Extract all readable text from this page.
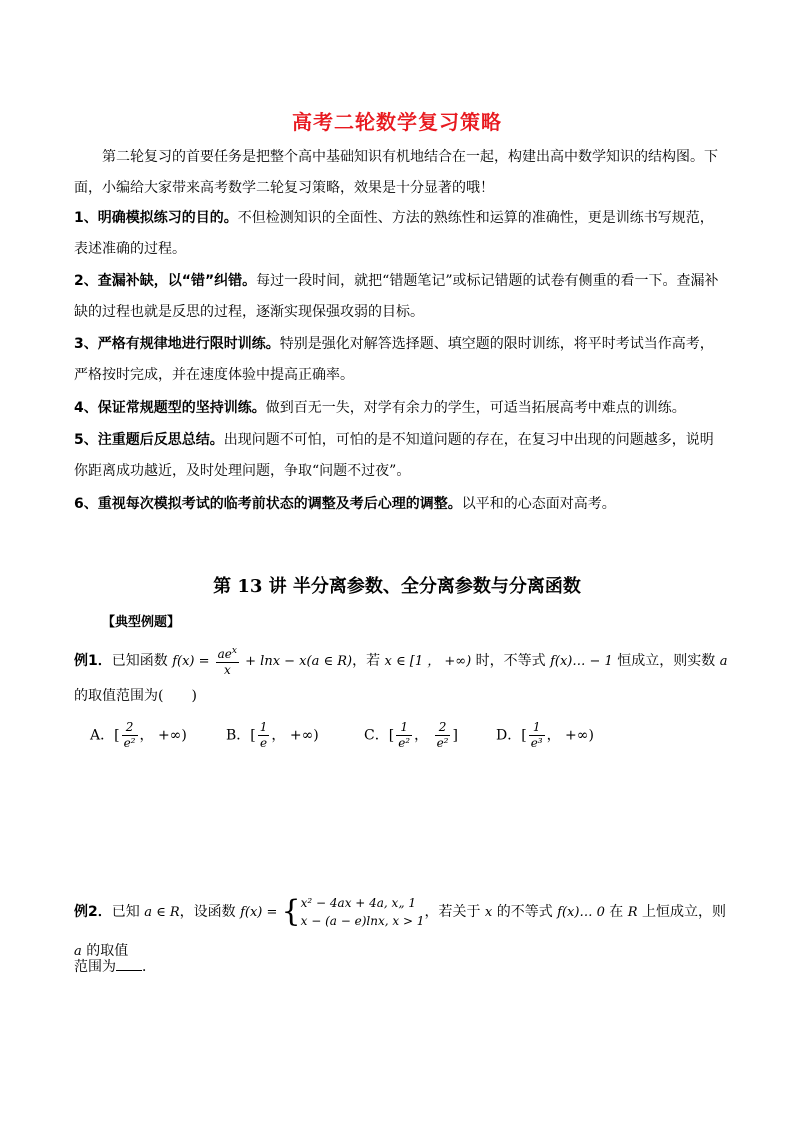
高考二轮数学复习策略
第二轮复习的首要任务是把整个高中基础知识有机地结合在一起，构建出高中数学知识的结构图。下面，小编给大家带来高考数学二轮复习策略，效果是十分显著的哦！
1、明确模拟练习的目的。不但检测知识的全面性、方法的熟练性和运算的准确性，更是训练书写规范，表述准确的过程。
2、查漏补缺，以“错”纠错。每过一段时间，就把“错题笔记”或标记错题的试卷有侧重的看一下。查漏补缺的过程也就是反思的过程，逐渐实现保强攻弱的目标。
3、严格有规律地进行限时训练。特别是强化对解答选择题、填空题的限时训练，将平时考试当作高考，严格按时完成，并在速度体验中提高正确率。
4、保证常规题型的坚持训练。做到百无一失，对学有余力的学生，可适当拓展高考中难点的训练。
5、注重题后反思总结。出现问题不可怕，可怕的是不知道问题的存在，在复习中出现的问题越多，说明你距离成功越近，及时处理问题，争取“问题不过夜”。
6、重视每次模拟考试的临考前状态的调整及考后心理的调整。以平和的心态面对高考。
第 13 讲 半分离参数、全分离参数与分离函数
【典型例题】
例1．已知函数 $f(x) = \frac{ae^x}{x} + \ln x - x(a$ ∈ R)，若 x ∈ [1 ， +∞) 时，不等式 f(x)… − 1 恒成立，则实数 a 的取值范围为(　　)
A．[ $\frac{2}{\text{e²}}$ ， +∞)	B．[ $\frac{1}{e}$ ， +∞)	C．[ $\frac{1}{\text{e²}}$ ， $\frac{2}{\text{e²}}$ ]	D．[ $\frac{1}{\text{e³}}$ ， +∞)
例2．已知 a ∈ R，设函数 f(x) = { x² − 4ax + 4a, x„ 1
x − (a − e)lnx, x > 1
，若关于 x 的不等式 f(x)… 0 在 R 上恒成立，则 a 的取值
范围为 ．
